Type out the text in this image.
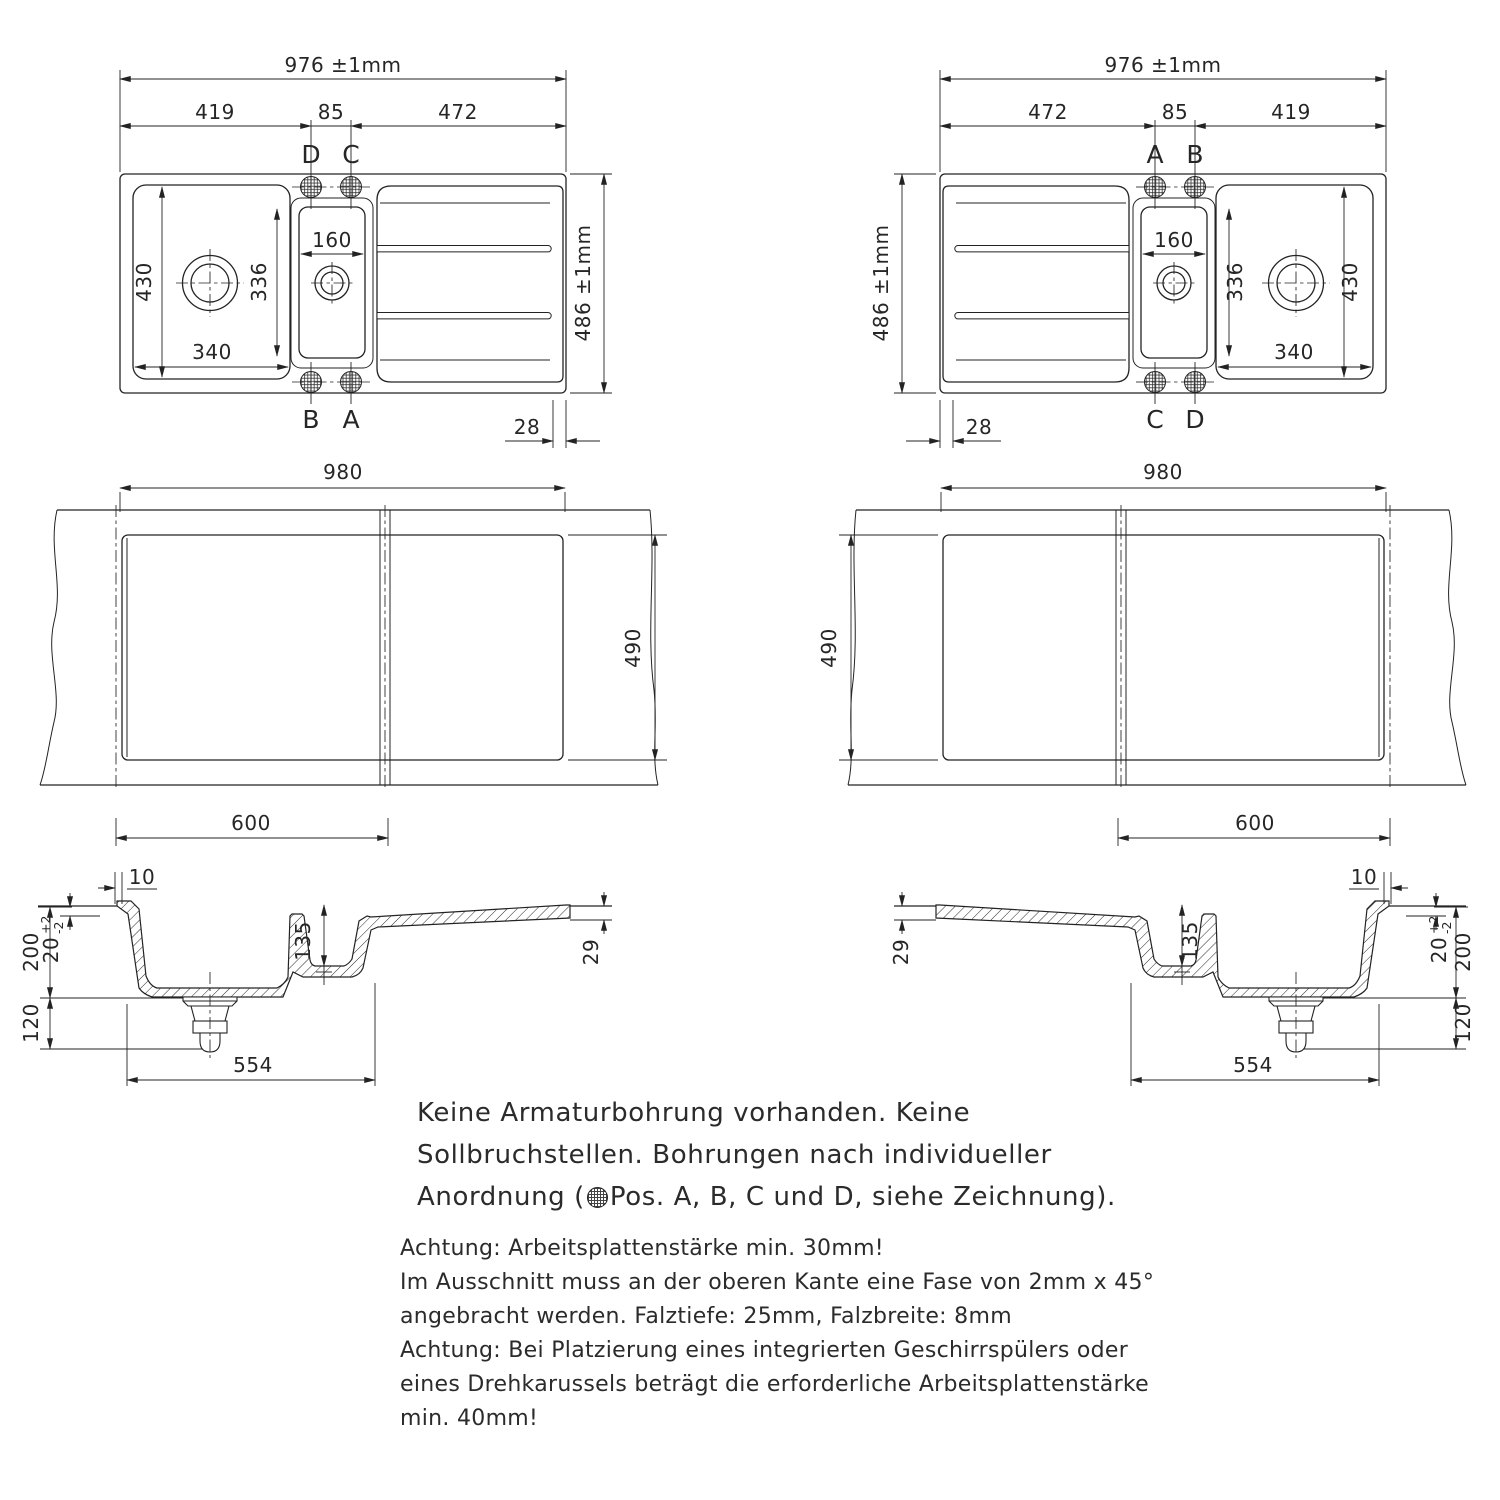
D C
B A
976 ±1mm
419	85	472
486 ±1mm
430
340
336
160
28
A B
C D
976 ±1mm
472	85	419
486 ±1mm	430
340
336
160
28
980
490
600
980
490
600
10
200
120
20
+2
-2	135
554
29
10
200
120
20
+2
-2
135
554
29
Keine Armaturbohrung vorhanden. Keine
Sollbruchstellen. Bohrungen nach individueller
Anordnung ( Pos. A, B, C und D, siehe Zeichnung).
Achtung: Arbeitsplattenstärke min. 30mm!
Im Ausschnitt muss an der oberen Kante eine Fase von 2mm x 45°
angebracht werden. Falztiefe: 25mm, Falzbreite: 8mm
Achtung: Bei Platzierung eines integrierten Geschirrspülers oder
eines Drehkarussels beträgt die erforderliche Arbeitsplattenstärke
min. 40mm!
